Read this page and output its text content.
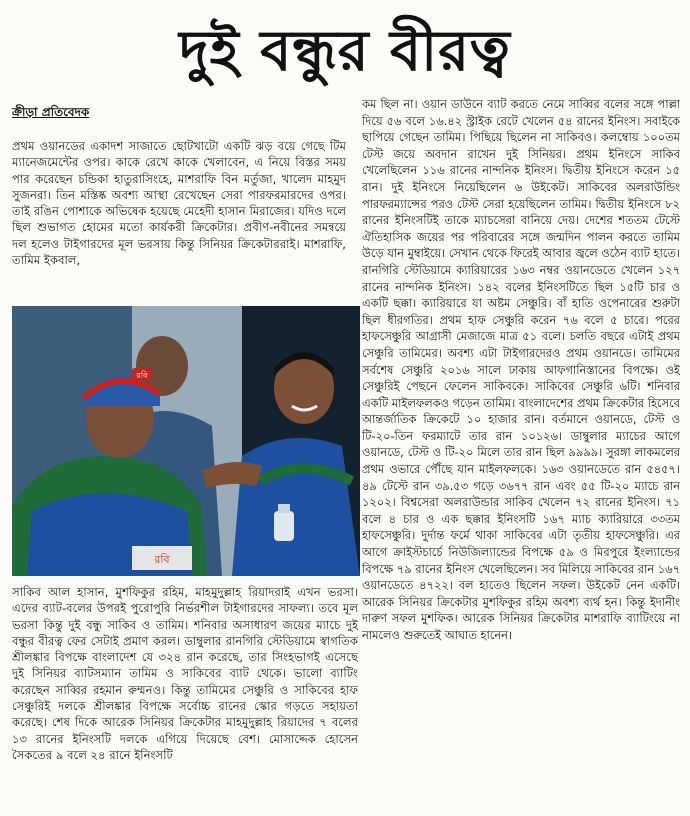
দুই বন্ধুর বীরত্ব
ক্রীড়া প্রতিবেদক

প্রথম ওয়ানডের একাদশ সাজাতে ছোটখাটো একটি ঝড় বয়ে গেছে টিম ম্যানেজমেন্টের ওপর। কাকে রেখে কাকে খেলাবেন, এ নিয়ে বিস্তর সময় পার করেছেন চন্ডিকা হাতুরাসিংহে, মাশরাফি বিন মর্তুজা, খালেদ মাহমুদ সুজনরা। তিন মস্তিষ্ক অবশ্য আস্থা রেখেছেন সেরা পারফরমারদের ওপর। তাই রঙিন পোশাকে অভিষেক হয়েছে মেহেদী হাসান মিরাজের। যদিও দলে ছিল শুভাগত হোমের মতো কার্যকরী ক্রিকেটার। প্রবীণ-নবীনের সমন্বয়ে দল হলেও টাইগারদের মূল ভরসায় কিন্তু সিনিয়র ক্রিকেটাররাই। মাশরাফি, তামিম ইকবাল,

রবি
রবি

সাকিব আল হাসান, মুশফিকুর রহিম, মাহমুদুল্লাহ রিয়াদরাই এখন ভরসা। এদের ব্যাট-বলের উপরই পুরোপুরি নির্ভরশীল টাইগারদের সাফল্য। তবে মূল ভরসা কিন্তু দুই বন্ধু সাকিব ও তামিম। শনিবার অসাধারণ জয়ের ম্যাচে দুই বন্ধুর বীরত্ব ফের সেটাই প্রমাণ করল। ডাম্বুলার রানগিরি স্টেডিয়ামে স্বাগতিক শ্রীলঙ্কার বিপক্ষে বাংলাদেশ যে ৩২৪ রান করেছে, তার সিংহভাগই এসেছে দুই সিনিয়র ব্যাটসম্যান তামিম ও সাকিবের ব্যাট থেকে। ভালো ব্যাটিং করেছেন সাব্বির রহমান রুম্মনও। কিন্তু তামিমের সেঞ্চুরি ও সাকিবের হাফ সেঞ্চুরিই দলকে শ্রীলঙ্কার বিপক্ষে সর্বোচ্চ রানের স্কোর গড়তে সহায়তা করেছে। শেষ দিকে আরেক সিনিয়র ক্রিকেটার মাহমুদুল্লাহ রিয়াদের ৭ বলের ১৩ রানের ইনিংসটি দলকে এগিয়ে দিয়েছে বেশ। মোসাদ্দেক হোসেন সৈকতের ৯ বলে ২৪ রানে ইনিংসটি

কম ছিল না। ওয়ান ডাউনে ব্যাট করতে নেমে সাব্বির বলের সঙ্গে পাল্লা দিয়ে ৫৬ বলে ১৬.৪২ স্ট্রাইক রেটে খেলেন ৫৪ রানের ইনিংস। সবাইকে ছাপিয়ে গেছেন তামিম। পিছিয়ে ছিলেন না সাকিবও। কলম্বোয় ১০০তম টেস্ট জয়ে অবদান রাখেন দুই সিনিয়র। প্রথম ইনিংসে সাকিব খেলেছিলেন ১১৬ রানের নান্দনিক ইনিংস। দ্বিতীয় ইনিংসে করেন ১৫ রান। দুই ইনিংসে নিয়েছিলেন ৬ উইকেট। সাকিবের অলরাউন্ডিং পারফরম্যান্সের পরও টেস্ট সেরা হয়েছিলেন তামিম। দ্বিতীয় ইনিংসে ৮২ রানের ইনিংসটিই তাকে ম্যাচসেরা বানিয়ে দেয়। দেশের শততম টেস্টে ঐতিহাসিক জয়ের পর পরিবারের সঙ্গে জন্মদিন পালন করতে তামিম উড়ে যান মুম্বাইয়ে। সেখান থেকে ফিরেই আবার জ্বলে ওঠেন ব্যাট হাতে। রানগিরি স্টেডিয়ামে ক্যারিয়ারের ১৬৩ নম্বর ওয়ানডেতে খেলেন ১২৭ রানের নান্দনিক ইনিংস। ১৪২ বলের ইনিংসটিতে ছিল ১৫টি চার ও একটি ছক্কা। ক্যারিয়ারে যা অষ্টম সেঞ্চুরি। বাঁ হাতি ওপেনারের শুরুটা ছিল ধীরগতির। প্রথম হাফ সেঞ্চুরি করেন ৭৬ বলে ৫ চারে। পরের হাফসেঞ্চুরি আগ্রাসী মেজাজে মাত্র ৫১ বলে। চলতি বছরে এটাই প্রথম সেঞ্চুরি তামিমের। অবশ্য এটা টাইগারদেরও প্রথম ওয়ানডে। তামিমের সর্বশেষ সেঞ্চুরি ২০১৬ সালে ঢাকায় আফগানিস্তানের বিপক্ষে। ওই সেঞ্চুরিই পেছনে ফেলেন সাকিবকে। সাকিবের সেঞ্চুরি ৬টি। শনিবার একটি মাইলফলকও গড়েন তামিম। বাংলাদেশের প্রথম ক্রিকেটার হিসেবে আন্তর্জাতিক ক্রিকেটে ১০ হাজার রান। বর্তমানে ওয়ানডে, টেস্ট ও টি-২০-তিন ফরম্যাটে তার রান ১০১২৬। ডাম্বুলার ম্যাচের আগে ওয়ানডে, টেস্ট ও টি-২০ মিলে তার রান ছিল ৯৯৯৯। সুরঙ্গা লাকমলের প্রথম ওভারে পৌঁছে যান মাইলফলকে। ১৬৩ ওয়ানডেতে রান ৫৪৫৭। ৪৯ টেস্টে রান ৩৯.৫৩ গড়ে ৩৬৭৭ রান এবং ৫৫ টি-২০ ম্যাচে রান ১২০২। বিশ্বসেরা অলরাউন্ডার সাকিব খেলেন ৭২ রানের ইনিংস। ৭১ বলে ৪ চার ও এক ছক্কার ইনিংসটি ১৬৭ ম্যাচ ক্যারিয়ারে ৩৩তম হাফসেঞ্চুরি। দুর্দান্ত ফর্মে থাকা সাকিবের এটা তৃতীয় হাফসেঞ্চুরি। এর আগে ক্রাইস্টচার্চে নিউজিল্যান্ডের বিপক্ষে ৫৯ ও মিরপুরে ইংল্যান্ডের বিপক্ষে ৭৯ রানের ইনিংস খেলেছিলেন। সব মিলিয়ে সাকিবের রান ১৬৭ ওয়ানডেতে ৪৭২২। বল হাতেও ছিলেন সফল। উইকেট নেন একটি। আরেক সিনিয়র ক্রিকেটার মুশফিকুর রহিম অবশ্য ব্যর্থ হন। কিন্তু ইদানীং দারুণ সফল মুশফিক। আরেক সিনিয়র ক্রিকেটার মাশরাফি ব্যাটিংয়ে না নামলেও শুরুতেই আঘাত হানেন।
